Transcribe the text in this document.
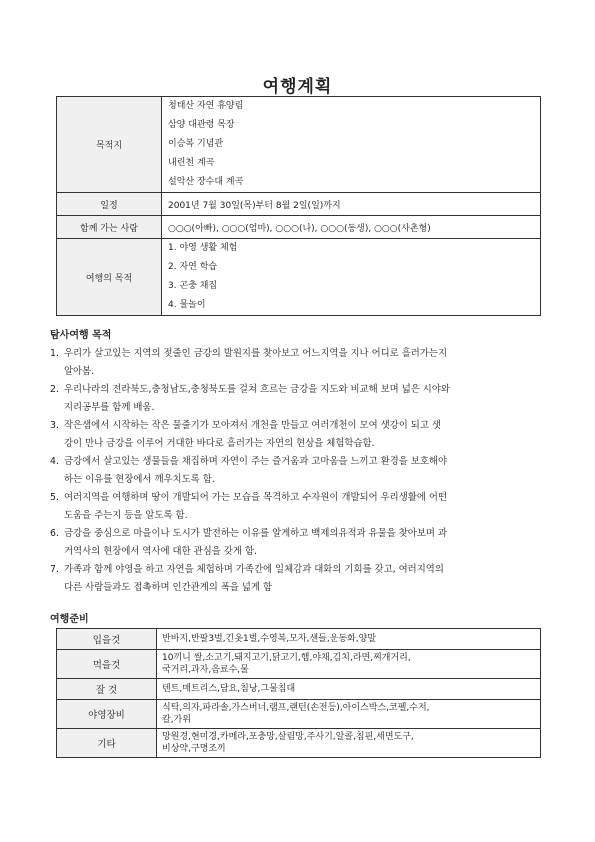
여행계획
목적지	청태산 자연 휴양림
삼양 대관령 목장
이승복 기념관
내린천 계곡
설악산 장수대 계곡

일정	2001년 7월 30일(목)부터 8월 2일(일)까지
함께 가는 사람	○○○(아빠), ○○○(엄마), ○○○(나), ○○○(동생), ○○○(사촌형)
여행의 목적	1. 야영 생활 체험
2. 자연 학습
3. 곤충 채집
4. 물놀이
탐사여행 목적
1. 우리가 살고있는 지역의 젖줄인 금강의 발원지를 찾아보고 어느지역을 지나 어디로 흘러가는지
알아봄.
2. 우리나라의 전라북도,충청남도,충청북도를 걸쳐 흐르는 금강을 지도와 비교해 보며 넓은 시야와
지리공부를 함께 배움.
3. 작은샘에서 시작하는 작은 물줄기가 모아져서 개천을 만들고 여러개천이 모여 샛강이 되고 샛
강이 만나 금강을 이루어 거대한 바다로 흘러가는 자연의 현상을 체험학습함.
4. 금강에서 살고있는 생물들을 채집하며 자연이 주는 즐거움과 고마움을 느끼고 환경을 보호해야
하는 이유를 현장에서 깨우치도록 함.
5. 여러지역을 여행하며 땅이 개발되어 가는 모습을 목격하고 수자원이 개발되어 우리생활에 어떤
도움을 주는지 등을 알도록 함.
6. 금강을 중심으로 마을이나 도시가 발전하는 이유를 알게하고 백제의유적과 유물을 찾아보며 과
거역사의 현장에서 역사에 대한 관심을 갖게 함.
7. 가족과 함께 야영을 하고 자연을 체험하며 가족간에 일체감과 대화의 기회를 갖고, 여러지역의
다른 사람들과도 접촉하며 인간관계의 폭을 넓게 함
여행준비
입을것	반바지,반팔3벌,긴옷1벌,수영복,모자,샌들,운동화,양말

먹을것	10끼니 쌀,소고기,돼지고기,닭고기,햄,야채,김치,라면,찌개거리,
국거리,과자,음료수,물

잘 것	텐트,매트리스,담요,침낭,그물침대

야영장비	식탁,의자,파라솔,가스버너,램프,랜턴(손전등),아이스박스,코펠,수저,
칼,가위

기타	망원경,현미경,카메라,포충망,살림망,주사기,알콜,침핀,세면도구,
비상약,구명조끼
